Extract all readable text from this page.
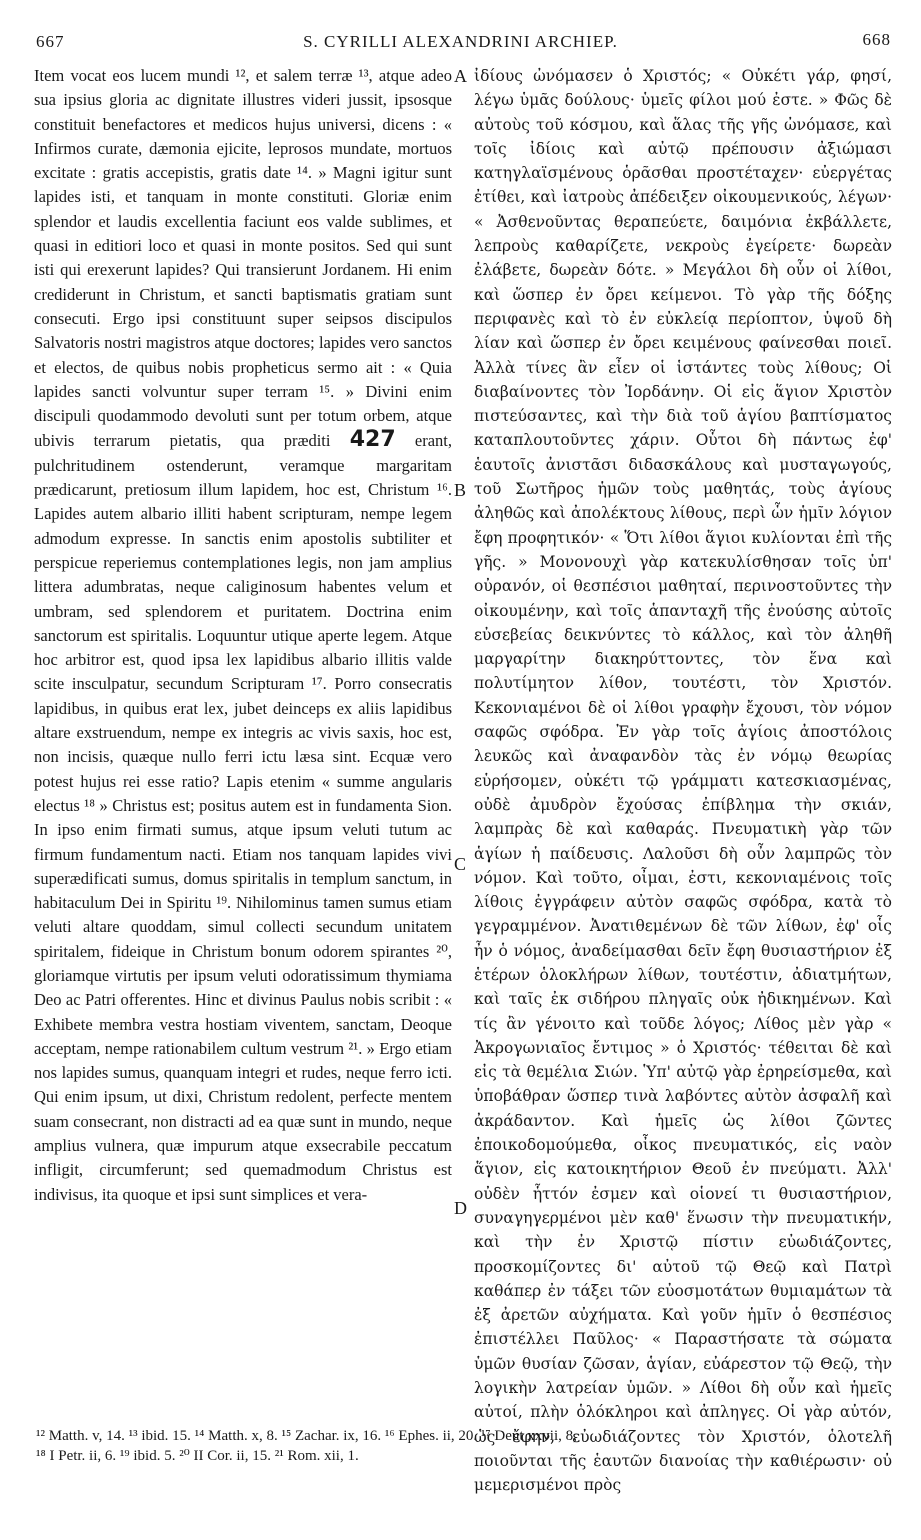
667	S. CYRILLI ALEXANDRINI ARCHIEP.	668

Item vocat eos lucem mundi ¹², et salem terræ ¹³, atque adeo sua ipsius gloria ac dignitate illustres videri jussit, ipsosque constituit benefactores et medicos hujus universi, dicens : « Infirmos curate, dæmonia ejicite, leprosos mundate, mortuos excitate : gratis accepistis, gratis date ¹⁴. » Magni igitur sunt lapides isti, et tanquam in monte constituti. Gloriæ enim splendor et laudis excellentia faciunt eos valde sublimes, et quasi in editiori loco et quasi in monte positos. Sed qui sunt isti qui erexerunt lapides? Qui transierunt Jordanem. Hi enim crediderunt in Christum, et sancti baptismatis gratiam sunt consecuti. Ergo ipsi constituunt super seipsos discipulos Salvatoris nostri magistros atque doctores; lapides vero sanctos et electos, de quibus nobis propheticus sermo ait : « Quia lapides sancti volvuntur super terram ¹⁵. » Divini enim discipuli quodammodo devoluti sunt per totum orbem, atque ubivis terrarum pietatis, qua præditi 427 erant, pulchritudinem ostenderunt, veramque margaritam prædicarunt, pretiosum illum lapidem, hoc est, Christum ¹⁶. Lapides autem albario illiti habent scripturam, nempe legem admodum expresse. In sanctis enim apostolis subtiliter et perspicue reperiemus contemplationes legis, non jam amplius littera adumbratas, neque caliginosum habentes velum et umbram, sed splendorem et puritatem. Doctrina enim sanctorum est spiritalis. Loquuntur utique aperte legem. Atque hoc arbitror est, quod ipsa lex lapidibus albario illitis valde scite insculpatur, secundum Scripturam ¹⁷. Porro consecratis lapidibus, in quibus erat lex, jubet deinceps ex aliis lapidibus altare exstruendum, nempe ex integris ac vivis saxis, hoc est, non incisis, quæque nullo ferri ictu læsa sint. Ecquæ vero potest hujus rei esse ratio? Lapis etenim « summe angularis electus ¹⁸ » Christus est; positus autem est in fundamenta Sion. In ipso enim firmati sumus, atque ipsum veluti tutum ac firmum fundamentum nacti. Etiam nos tanquam lapides vivi superædificati sumus, domus spiritalis in templum sanctum, in habitaculum Dei in Spiritu ¹⁹. Nihilominus tamen sumus etiam veluti altare quoddam, simul collecti secundum unitatem spiritalem, fideique in Christum bonum odorem spirantes ²⁰, gloriamque virtutis per ipsum veluti odoratissimum thymiama Deo ac Patri offerentes. Hinc et divinus Paulus nobis scribit : « Exhibete membra vestra hostiam viventem, sanctam, Deoque acceptam, nempe rationabilem cultum vestrum ²¹. » Ergo etiam nos lapides sumus, quanquam integri et rudes, neque ferro icti. Qui enim ipsum, ut dixi, Christum redolent, perfecte mentem suam consecrant, non distracti ad ea quæ sunt in mundo, neque amplius vulnera, quæ impurum atque exsecrabile peccatum infligit, circumferunt; sed quemadmodum Christus est indivisus, ita quoque et ipsi sunt simplices et vera-

A
B
C
D

ἰδίους ὠνόμασεν ὁ Χριστός; « Οὐκέτι γάρ, φησί, λέγω ὑμᾶς δούλους· ὑμεῖς φίλοι μού ἐστε. » Φῶς δὲ αὐτοὺς τοῦ κόσμου, καὶ ἅλας τῆς γῆς ὠνόμασε, καὶ τοῖς ἰδίοις καὶ αὐτῷ πρέπουσιν ἀξιώμασι κατηγλαϊσμένους ὁρᾶσθαι προστέταχεν· εὐεργέτας ἐτίθει, καὶ ἰατροὺς ἀπέδειξεν οἰκουμενικούς, λέγων· « Ἀσθενοῦντας θεραπεύετε, δαιμόνια ἐκβάλλετε, λεπροὺς καθαρίζετε, νεκροὺς ἐγείρετε· δωρεὰν ἐλάβετε, δωρεὰν δότε. » Μεγάλοι δὴ οὖν οἱ λίθοι, καὶ ὥσπερ ἐν ὄρει κείμενοι. Τὸ γὰρ τῆς δόξης περιφανὲς καὶ τὸ ἐν εὐκλείᾳ περίοπτον, ὑψοῦ δὴ λίαν καὶ ὥσπερ ἐν ὄρει κειμένους φαίνεσθαι ποιεῖ. Ἀλλὰ τίνες ἂν εἶεν οἱ ἱστάντες τοὺς λίθους; Οἱ διαβαίνοντες τὸν Ἰορδάνην. Οἱ εἰς ἅγιον Χριστὸν πιστεύσαντες, καὶ τὴν διὰ τοῦ ἁγίου βαπτίσματος καταπλουτοῦντες χάριν. Οὗτοι δὴ πάντως ἐφ' ἑαυτοῖς ἀνιστᾶσι διδασκάλους καὶ μυσταγωγούς, τοῦ Σωτῆρος ἡμῶν τοὺς μαθητάς, τοὺς ἁγίους ἀληθῶς καὶ ἀπολέκτους λίθους, περὶ ὧν ἡμῖν λόγιον ἔφη προφητικόν· « Ὅτι λίθοι ἅγιοι κυλίονται ἐπὶ τῆς γῆς. » Μονονουχὶ γὰρ κατεκυλίσθησαν τοῖς ὑπ' οὐρανόν, οἱ θεσπέσιοι μαθηταί, περινοστοῦντες τὴν οἰκουμένην, καὶ τοῖς ἁπανταχῆ τῆς ἐνούσης αὐτοῖς εὐσεβείας δεικνύντες τὸ κάλλος, καὶ τὸν ἀληθῆ μαργαρίτην διακηρύττοντες, τὸν ἕνα καὶ πολυτίμητον λίθον, τουτέστι, τὸν Χριστόν. Κεκονιαμένοι δὲ οἱ λίθοι γραφὴν ἔχουσι, τὸν νόμον σαφῶς σφόδρα. Ἐν γὰρ τοῖς ἁγίοις ἀποστόλοις λευκῶς καὶ ἀναφανδὸν τὰς ἐν νόμῳ θεωρίας εὑρήσομεν, οὐκέτι τῷ γράμματι κατεσκιασμένας, οὐδὲ ἀμυδρὸν ἔχούσας ἐπίβλημα τὴν σκιάν, λαμπρὰς δὲ καὶ καθαράς. Πνευματικὴ γὰρ τῶν ἁγίων ἡ παίδευσις. Λαλοῦσι δὴ οὖν λαμπρῶς τὸν νόμον. Καὶ τοῦτο, οἶμαι, ἐστι, κεκονιαμένοις τοῖς λίθοις ἐγγράφειν αὐτὸν σαφῶς σφόδρα, κατὰ τὸ γεγραμμένον. Ἀνατιθεμένων δὲ τῶν λίθων, ἐφ' οἷς ἦν ὁ νόμος, ἀναδείμασθαι δεῖν ἔφη θυσιαστήριον ἐξ ἑτέρων ὁλοκλήρων λίθων, τουτέστιν, ἀδιατμήτων, καὶ ταῖς ἐκ σιδήρου πληγαῖς οὐκ ἠδικημένων. Καὶ τίς ἂν γένοιτο καὶ τοῦδε λόγος; Λίθος μὲν γὰρ « Ἀκρογωνιαῖος ἔντιμος » ὁ Χριστός· τέθειται δὲ καὶ εἰς τὰ θεμέλια Σιών. Ὑπ' αὐτῷ γὰρ ἐρηρείσμεθα, καὶ ὑποβάθραν ὥσπερ τινὰ λαβόντες αὐτὸν ἀσφαλῆ καὶ ἀκράδαντον. Καὶ ἡμεῖς ὡς λίθοι ζῶντες ἐποικοδομούμεθα, οἶκος πνευματικός, εἰς ναὸν ἅγιον, εἰς κατοικητήριον Θεοῦ ἐν πνεύματι. Ἀλλ' οὐδὲν ἧττόν ἐσμεν καὶ οἱονεί τι θυσιαστήριον, συναγηγερμένοι μὲν καθ' ἕνωσιν τὴν πνευματικήν, καὶ τὴν ἐν Χριστῷ πίστιν εὐωδιάζοντες, προσκομίζοντες δι' αὐτοῦ τῷ Θεῷ καὶ Πατρὶ καθάπερ ἐν τάξει τῶν εὐοσμοτάτων θυμιαμάτων τὰ ἐξ ἀρετῶν αὐχήματα. Καὶ γοῦν ἡμῖν ὁ θεσπέσιος ἐπιστέλλει Παῦλος· « Παραστήσατε τὰ σώματα ὑμῶν θυσίαν ζῶσαν, ἁγίαν, εὐάρεστον τῷ Θεῷ, τὴν λογικὴν λατρείαν ὑμῶν. » Λίθοι δὴ οὖν καὶ ἡμεῖς αὐτοί, πλὴν ὁλόκληροι καὶ ἀπληγες. Οἱ γὰρ αὐτόν, ὡς ἔφην, εὐωδιάζοντες τὸν Χριστόν, ὁλοτελῆ ποιοῦνται τῆς ἑαυτῶν διανοίας τὴν καθιέρωσιν· οὐ μεμερισμένοι πρὸς

¹² Matth. v, 14. ¹³ ibid. 15. ¹⁴ Matth. x, 8. ¹⁵ Zachar. ix, 16. ¹⁶ Ephes. ii, 20. ¹⁷ Deut xxvii, 8,

¹⁸ I Petr. ii, 6. ¹⁹ ibid. 5. ²⁰ II Cor. ii, 15. ²¹ Rom. xii, 1.
